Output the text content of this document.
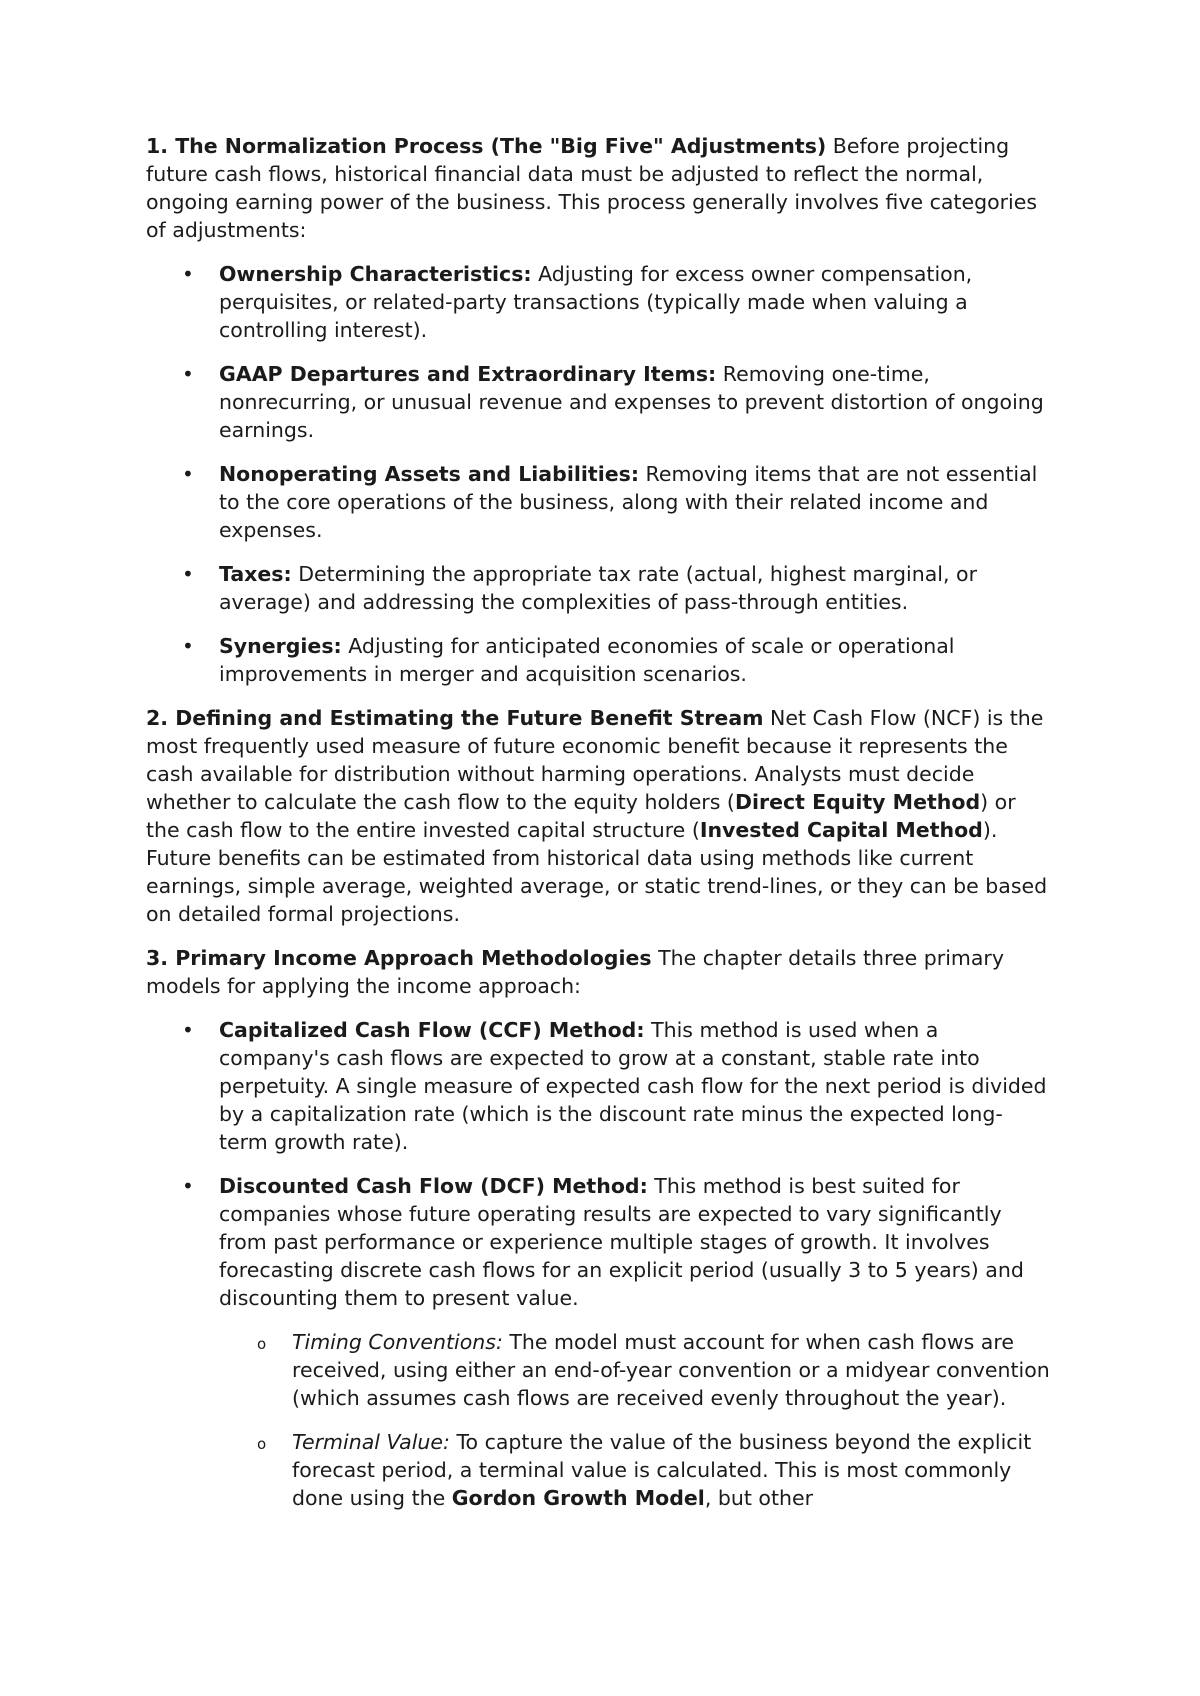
1. The Normalization Process (The "Big Five" Adjustments) Before projecting future cash flows, historical financial data must be adjusted to reflect the normal, ongoing earning power of the business. This process generally involves five categories of adjustments:

• Ownership Characteristics: Adjusting for excess owner compensation, perquisites, or related-party transactions (typically made when valuing a controlling interest).
• GAAP Departures and Extraordinary Items: Removing one-time, nonrecurring, or unusual revenue and expenses to prevent distortion of ongoing earnings.
• Nonoperating Assets and Liabilities: Removing items that are not essential to the core operations of the business, along with their related income and expenses.
• Taxes: Determining the appropriate tax rate (actual, highest marginal, or average) and addressing the complexities of pass-through entities.
• Synergies: Adjusting for anticipated economies of scale or operational improvements in merger and acquisition scenarios.

2. Defining and Estimating the Future Benefit Stream Net Cash Flow (NCF) is the most frequently used measure of future economic benefit because it represents the cash available for distribution without harming operations. Analysts must decide whether to calculate the cash flow to the equity holders (Direct Equity Method) or the cash flow to the entire invested capital structure (Invested Capital Method). Future benefits can be estimated from historical data using methods like current earnings, simple average, weighted average, or static trend-lines, or they can be based on detailed formal projections.

3. Primary Income Approach Methodologies The chapter details three primary models for applying the income approach:

• Capitalized Cash Flow (CCF) Method: This method is used when a company's cash flows are expected to grow at a constant, stable rate into perpetuity. A single measure of expected cash flow for the next period is divided by a capitalization rate (which is the discount rate minus the expected long-term growth rate).
• Discounted Cash Flow (DCF) Method: This method is best suited for companies whose future operating results are expected to vary significantly from past performance or experience multiple stages of growth. It involves forecasting discrete cash flows for an explicit period (usually 3 to 5 years) and discounting them to present value.
o Timing Conventions: The model must account for when cash flows are received, using either an end-of-year convention or a midyear convention (which assumes cash flows are received evenly throughout the year).
o Terminal Value: To capture the value of the business beyond the explicit forecast period, a terminal value is calculated. This is most commonly done using the Gordon Growth Model, but other
